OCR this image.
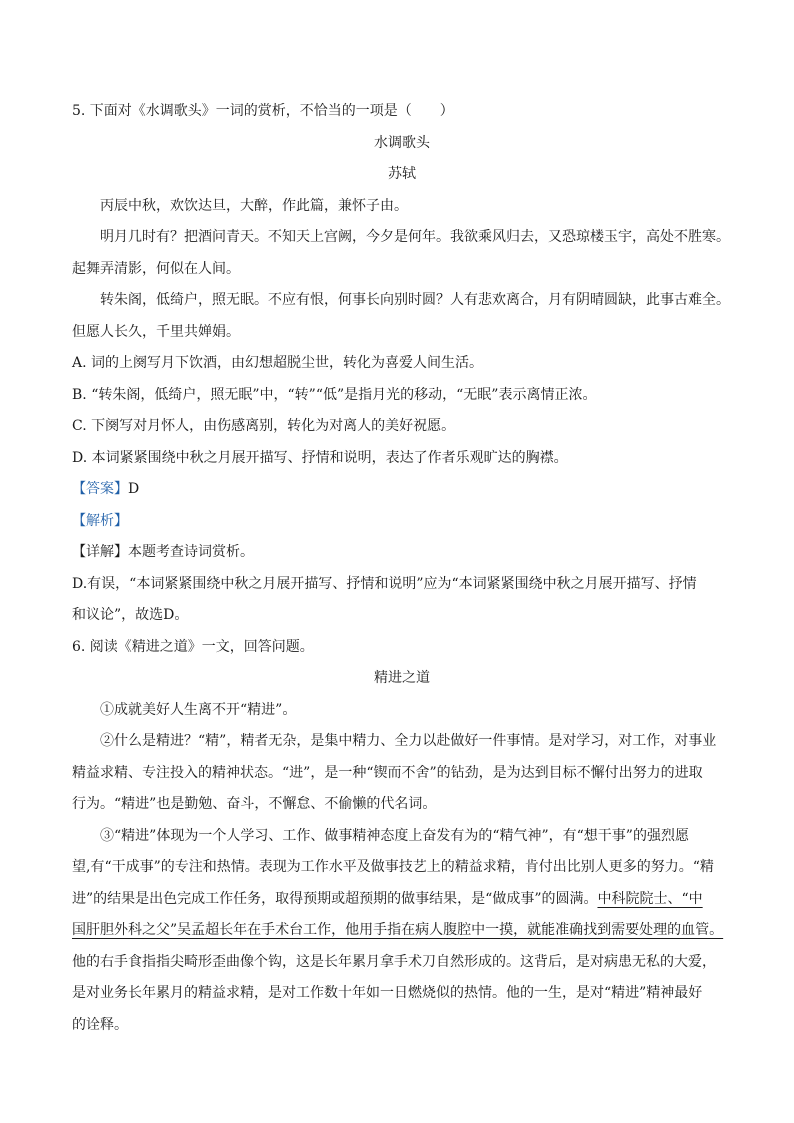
5. 下面对《水调歌头》一词的赏析，不恰当的一项是（　　）
水调歌头
苏轼
丙辰中秋，欢饮达旦，大醉，作此篇，兼怀子由。
明月几时有？把酒问青天。不知天上宫阙，今夕是何年。我欲乘风归去，又恐琼楼玉宇，高处不胜寒。
起舞弄清影，何似在人间。
转朱阁，低绮户，照无眠。不应有恨，何事长向别时圆？人有悲欢离合，月有阴晴圆缺，此事古难全。
但愿人长久，千里共婵娟。
A. 词的上阕写月下饮酒，由幻想超脱尘世，转化为喜爱人间生活。
B. “转朱阁，低绮户，照无眠”中，“转”“低”是指月光的移动，“无眠”表示离情正浓。
C. 下阕写对月怀人，由伤感离别，转化为对离人的美好祝愿。
D. 本词紧紧围绕中秋之月展开描写、抒情和说明，表达了作者乐观旷达的胸襟。
【答案】D
【解析】
【详解】本题考查诗词赏析。
D.有误，“本词紧紧围绕中秋之月展开描写、抒情和说明”应为“本词紧紧围绕中秋之月展开描写、抒情
和议论”，故选D。
6. 阅读《精进之道》一文，回答问题。
精进之道
①成就美好人生离不开“精进”。
②什么是精进？“精”，精者无杂，是集中精力、全力以赴做好一件事情。是对学习，对工作，对事业
精益求精、专注投入的精神状态。“进”，是一种“锲而不舍”的钻劲，是为达到目标不懈付出努力的进取
行为。“精进”也是勤勉、奋斗，不懈怠、不偷懒的代名词。
③“精进”体现为一个人学习、工作、做事精神态度上奋发有为的“精气神”，有“想干事”的强烈愿
望,有“干成事”的专注和热情。表现为工作水平及做事技艺上的精益求精，肯付出比别人更多的努力。“精
进”的结果是出色完成工作任务，取得预期或超预期的做事结果，是“做成事”的圆满。中科院院士、“中
国肝胆外科之父”吴孟超长年在手术台工作，他用手指在病人腹腔中一摸，就能准确找到需要处理的血管。
他的右手食指指尖畸形歪曲像个钩，这是长年累月拿手术刀自然形成的。这背后，是对病患无私的大爱，
是对业务长年累月的精益求精，是对工作数十年如一日燃烧似的热情。他的一生，是对“精进”精神最好
的诠释。
